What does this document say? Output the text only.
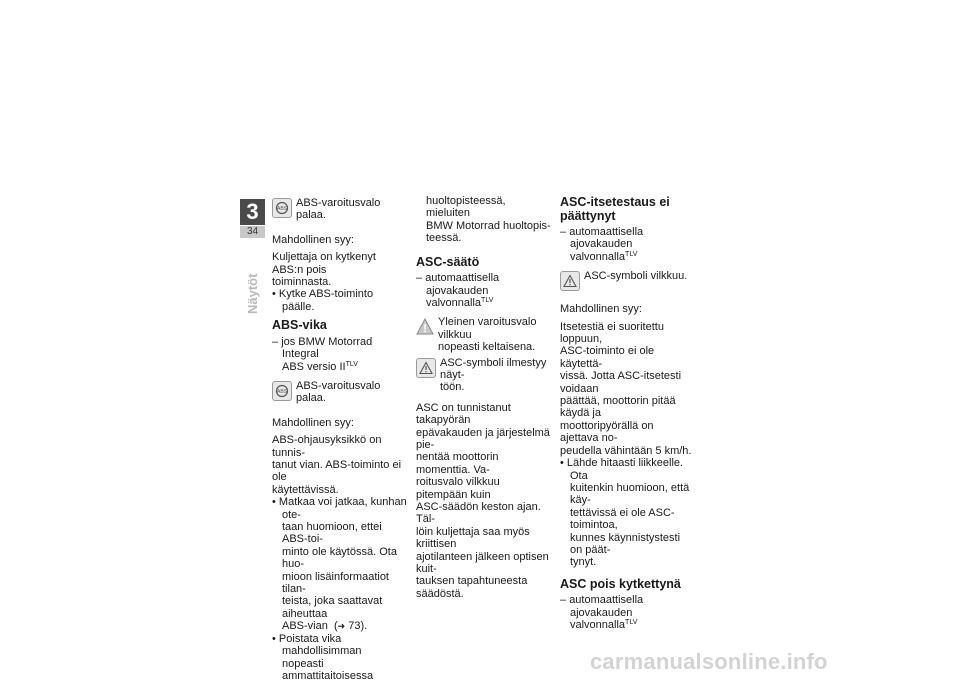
3
34
Näytöt
ABS

ABS-varoitusvalo palaa.

Mahdollinen syy:

Kuljettaja on kytkenyt ABS:n pois

toiminnasta.

• Kytke ABS-toiminto päälle.

ABS-vika

– jos BMW Motorrad Integral

ABS versio $II^{TLV}$

ABS

ABS-varoitusvalo palaa.

Mahdollinen syy:

ABS-ohjausyksikkö on tunnis-

tanut vian. ABS-toiminto ei ole

käytettävissä.

• Matkaa voi jatkaa, kunhan ote-

taan huomioon, ettei ABS-toi-

minto ole käytössä. Ota huo-

mioon lisäinformaatiot tilan-

teista, joka saattavat aiheuttaa

ABS-vian  (➜ 73).

• Poistata vika mahdollisimman

nopeasti ammattitaitoisessa

huoltopisteessä, mieluiten

BMW Motorrad huoltopis-

teessä.

ASC-säätö

– automaattisella ajovakauden

valvonnalla$^{TLV}$

Yleinen varoitusvalo vilkkuu

nopeasti keltaisena.

ASC-symboli ilmestyy näyt-

töön.

ASC on tunnistanut takapyörän

epävakauden ja järjestelmä pie-

nentää moottorin momenttia. Va-

roitusvalo vilkkuu pitempään kuin

ASC-säädön keston ajan. Täl-

löin kuljettaja saa myös kriittisen

ajotilanteen jälkeen optisen kuit-

tauksen tapahtuneesta säädöstä.

ASC-itsetestaus ei
päättynyt

– automaattisella ajovakauden

valvonnalla$^{TLV}$

ASC-symboli vilkkuu.

Mahdollinen syy:

Itsetestiä ei suoritettu loppuun,

ASC-toiminto ei ole käytettä-

vissä. Jotta ASC-itsetesti voidaan

päättää, moottorin pitää käydä ja

moottoripyörällä on ajettava no-

peudella vähintään 5 km/h.

• Lähde hitaasti liikkeelle. Ota

kuitenkin huomioon, että käy-

tettävissä ei ole ASC-toimintoa,

kunnes käynnistystesti on päät-

tynyt.

ASC pois kytkettynä

– automaattisella ajovakauden

valvonnalla$^{TLV}$

carmanualsonline.info
